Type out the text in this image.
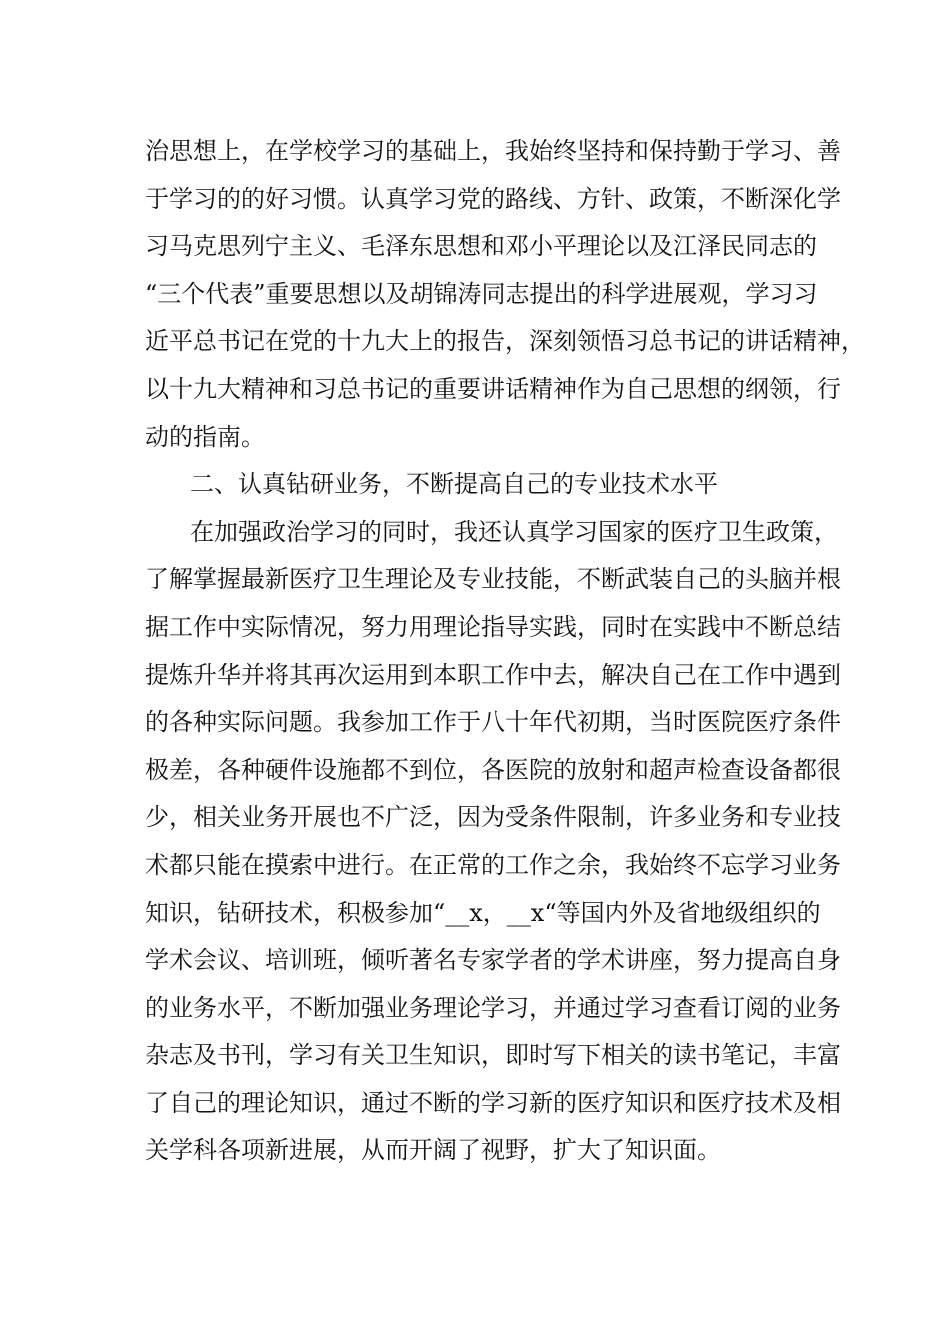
治思想上，在学校学习的基础上，我始终坚持和保持勤于学习、善
于学习的的好习惯。认真学习党的路线、方针、政策，不断深化学
习马克思列宁主义、毛泽东思想和邓小平理论以及江泽民同志的
“三个代表”重要思想以及胡锦涛同志提出的科学进展观，学习习
近平总书记在党的十九大上的报告，深刻领悟习总书记的讲话精神，
以十九大精神和习总书记的重要讲话精神作为自己思想的纲领，行
动的指南。
二、认真钻研业务，不断提高自己的专业技术水平
在加强政治学习的同时，我还认真学习国家的医疗卫生政策，
了解掌握最新医疗卫生理论及专业技能，不断武装自己的头脑并根
据工作中实际情况，努力用理论指导实践，同时在实践中不断总结
提炼升华并将其再次运用到本职工作中去，解决自己在工作中遇到
的各种实际问题。我参加工作于八十年代初期，当时医院医疗条件
极差，各种硬件设施都不到位，各医院的放射和超声检查设备都很
少，相关业务开展也不广泛，因为受条件限制，许多业务和专业技
术都只能在摸索中进行。在正常的工作之余，我始终不忘学习业务
知识，钻研技术，积极参加“__x，__x“等国内外及省地级组织的
学术会议、培训班，倾听著名专家学者的学术讲座，努力提高自身
的业务水平，不断加强业务理论学习，并通过学习查看订阅的业务
杂志及书刊，学习有关卫生知识，即时写下相关的读书笔记，丰富
了自己的理论知识，通过不断的学习新的医疗知识和医疗技术及相
关学科各项新进展，从而开阔了视野，扩大了知识面。
